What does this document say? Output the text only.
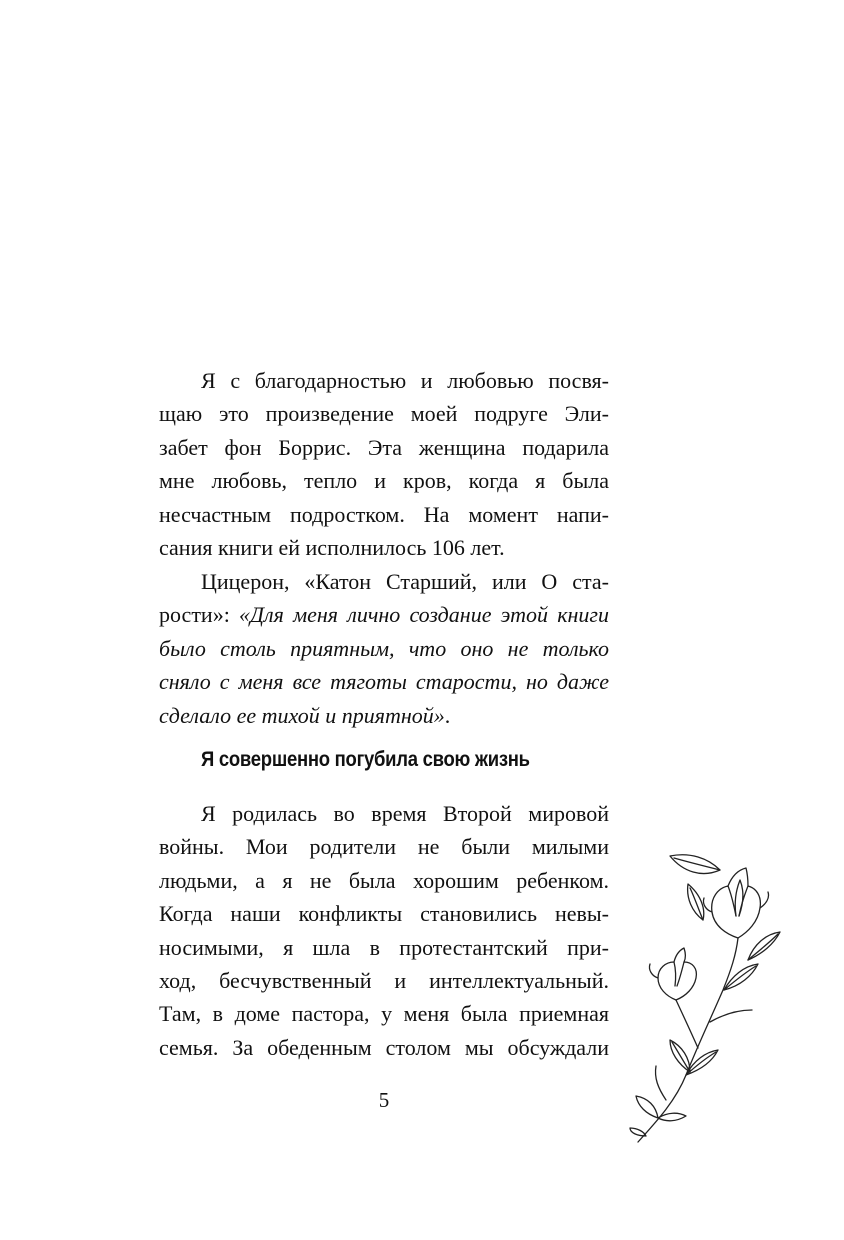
Я с благодарностью и любовью посвя-
щаю это произведение моей подруге Эли-
забет фон Боррис. Эта женщина подарила
мне любовь, тепло и кров, когда я была
несчастным подростком. На момент напи-
сания книги ей исполнилось 106 лет.
Цицерон, «Катон Старший, или О ста-
рости»: «Для меня лично создание этой книги
было столь приятным, что оно не только
сняло с меня все тяготы старости, но даже
сделало ее тихой и приятной».
Я совершенно погубила свою жизнь
Я родилась во время Второй мировой
войны. Мои родители не были милыми
людьми, а я не была хорошим ребенком.
Когда наши конфликты становились невы-
носимыми, я шла в протестантский при-
ход, бесчувственный и интеллектуальный.
Там, в доме пастора, у меня была приемная
семья. За обеденным столом мы обсуждали
5
